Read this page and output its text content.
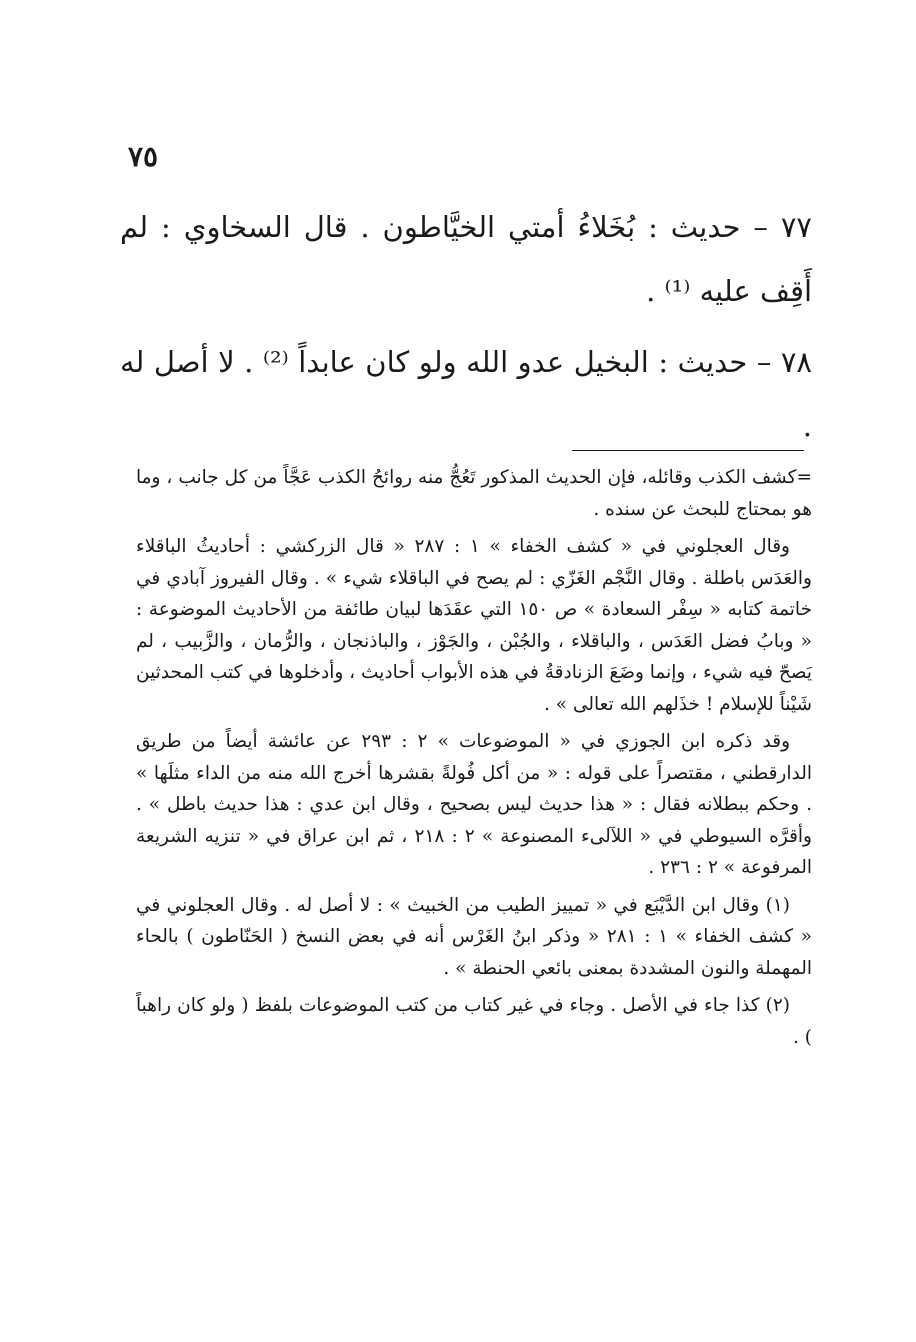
٧٥

٧٧ – حديث : بُخَلاءُ أمتي الخيَّاطون . قال السخاوي : لم أَقِف عليه ⁽¹⁾ .

٧٨ – حديث : البخيل عدو الله ولو كان عابداً ⁽²⁾ . لا أصل له .

=كشف الكذب وقائله، فإن الحديث المذكور تَعُجُّ منه روائحُ الكذب عَجَّاً من كل جانب ، وما هو بمحتاج للبحث عن سنده .

وقال العجلوني في « كشف الخفاء » ١ : ٢٨٧ « قال الزركشي : أحاديثُ الباقلاء والعَدَس باطلة . وقال النَّجْم الغَزّي : لم يصح في الباقلاء شيء » . وقال الفيروز آبادي في خاتمة كتابه « سِفْر السعادة » ص ١٥٠ التي عقَدَها لبيان طائفة من الأحاديث الموضوعة : « وبابُ فضل العَدَس ، والباقلاء ، والجُبْن ، والجَوْز ، والباذنجان ، والرُّمان ، والزَّبيب ، لم يَصحّ فيه شيء ، وإنما وضَعَ الزنادقةُ في هذه الأبواب أحاديث ، وأدخلوها في كتب المحدثين شَيْناً للإسلام ! خذَلهم الله تعالى » .

وقد ذكره ابن الجوزي في « الموضوعات » ٢ : ٢٩٣ عن عائشة أيضاً من طريق الدارقطني ، مقتصراً على قوله : « من أكل فُولةً بقشرها أخرج الله منه من الداء مثلَها » . وحكم ببطلانه فقال : « هذا حديث ليس بصحيح ، وقال ابن عدي : هذا حديث باطل » . وأقرَّه السيوطي في « اللآلىء المصنوعة » ٢ : ٢١٨ ، ثم ابن عراق في « تنزيه الشريعة المرفوعة » ٢ : ٢٣٦ .

(١) وقال ابن الدَّيْبَع في « تمييز الطيب من الخبيث » : لا أصل له . وقال العجلوني في « كشف الخفاء » ١ : ٢٨١ « وذكر ابنُ الغَرْس أنه في بعض النسخ ( الحَنّاطون ) بالحاء المهملة والنون المشددة بمعنى بائعي الحنطة » .

(٢) كذا جاء في الأصل . وجاء في غير كتاب من كتب الموضوعات بلفظ ( ولو كان راهباً ) .
